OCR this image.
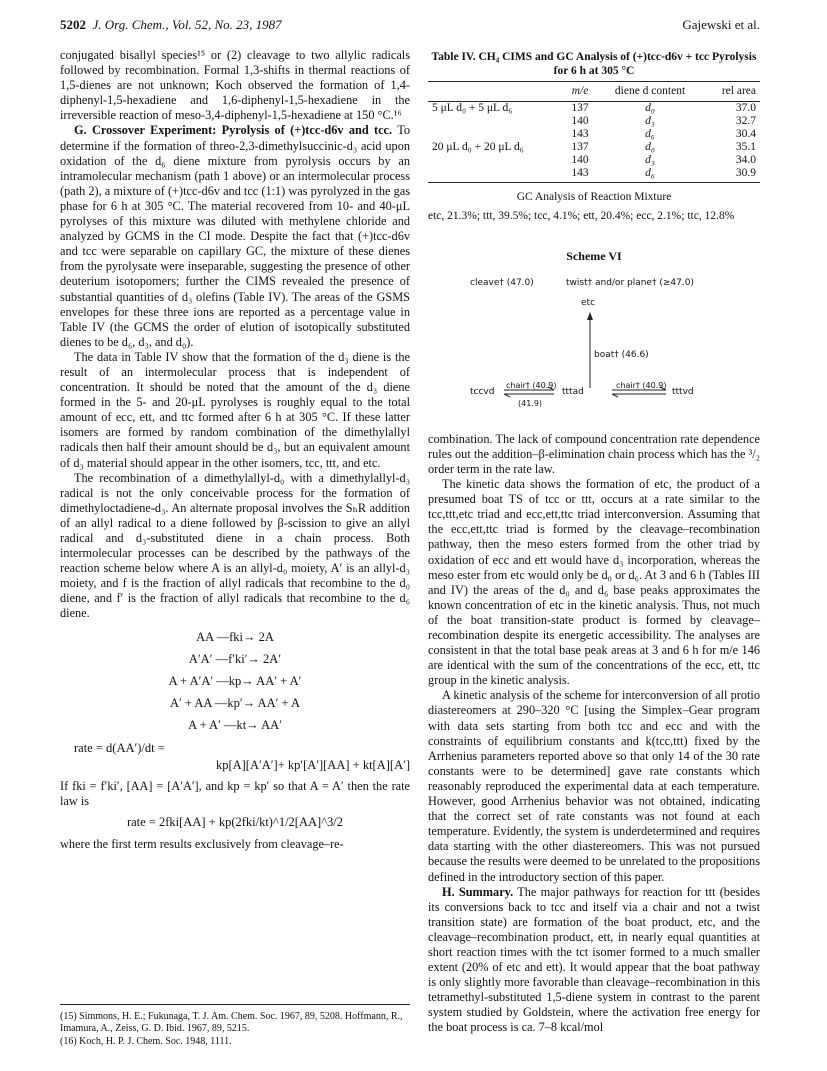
5202 J. Org. Chem., Vol. 52, No. 23, 1987	Gajewski et al.

conjugated bisallyl species¹⁵ or (2) cleavage to two allylic radicals followed by recombination. Formal 1,3-shifts in thermal reactions of 1,5-dienes are not unknown; Koch observed the formation of 1,4-diphenyl-1,5-hexadiene and 1,6-diphenyl-1,5-hexadiene in the irreversible reaction of meso-3,4-diphenyl-1,5-hexadiene at 150 °C.¹⁶

G. Crossover Experiment: Pyrolysis of (+)tcc-d6v and tcc. To determine if the formation of threo-2,3-dimethylsuccinic-d₃ acid upon oxidation of the d₆ diene mixture from pyrolysis occurs by an intramolecular mechanism (path 1 above) or an intermolecular process (path 2), a mixture of (+)tcc-d6v and tcc (1:1) was pyrolyzed in the gas phase for 6 h at 305 °C. The material recovered from 10- and 40-μL pyrolyses of this mixture was diluted with methylene chloride and analyzed by GCMS in the CI mode. Despite the fact that (+)tcc-d6v and tcc were separable on capillary GC, the mixture of these dienes from the pyrolysate were inseparable, suggesting the presence of other deuterium isotopomers; further the CIMS revealed the presence of substantial quantities of d₃ olefins (Table IV). The areas of the GSMS envelopes for these three ions are reported as a percentage value in Table IV (the GCMS the order of elution of isotopically substituted dienes to be d₆, d₃, and d₀).

The data in Table IV show that the formation of the d₃ diene is the result of an intermolecular process that is independent of concentration. It should be noted that the amount of the d₃ diene formed in the 5- and 20-μL pyrolyses is roughly equal to the total amount of ecc, ett, and ttc formed after 6 h at 305 °C. If these latter isomers are formed by random combination of the dimethylallyl radicals then half their amount should be d₃, but an equivalent amount of d₃ material should appear in the other isomers, tcc, ttt, and etc.

The recombination of a dimethylallyl-d₀ with a dimethylallyl-d₃ radical is not the only conceivable process for the formation of dimethyloctadiene-d₃. An alternate proposal involves the SₕR addition of an allyl radical to a diene followed by β-scission to give an allyl radical and d₃-substituted diene in a chain process. Both intermolecular processes can be described by the pathways of the reaction scheme below where A is an allyl-d₀ moiety, A′ is an allyl-d₃ moiety, and f is the fraction of allyl radicals that recombine to the d₀ diene, and f′ is the fraction of allyl radicals that recombine to the d₆ diene.

AA —fki→ 2A
A′A′ —f′ki′→ 2A′
A + A′A′ —kp→ AA′ + A′
A′ + AA —kp′→ AA′ + A
A + A′ —kt→ AA′
rate = d(AA′)/dt =
kp[A][A′A′]+ kp′[A′][AA] + kt[A][A′]

If fki = f′ki′, [AA] = [A′A′], and kp = kp′ so that A = A′ then the rate law is

rate = 2fki[AA] + kp(2fki/kt)^1/2[AA]^3/2

where the first term results exclusively from cleavage–re-

(15) Simmons, H. E.; Fukunaga, T. J. Am. Chem. Soc. 1967, 89, 5208. Hoffmann, R., Imamura, A., Zeiss, G. D. Ibid. 1967, 89, 5215.
(16) Koch, H. P. J. Chem. Soc. 1948, 1111.
Table IV. CH₄ CIMS and GC Analysis of (+)tcc-d6v + tcc Pyrolysis for 6 h at 305 °C
	m/e	diene d content	rel area
5 μL d₀ + 5 μL d₆	137	d₀	37.0
	140	d₃	32.7
	143	d₆	30.4
20 μL d₀ + 20 μL d₆	137	d₀	35.1
	140	d₃	34.0
	143	d₆	30.9
GC Analysis of Reaction Mixture
etc, 21.3%; ttt, 39.5%; tcc, 4.1%; ett, 20.4%; ecc, 2.1%; ttc, 12.8%
Scheme VI
cleave† (47.0)	twist† and/or plane† (≥47.0)
etc
boat† (46.6)
chair† (40.9)
(41.9)
chair† (40.9)
tccvd	tttad	tttvd

combination. The lack of compound concentration rate dependence rules out the addition–β-elimination chain process which has the ³/₂ order term in the rate law.

The kinetic data shows the formation of etc, the product of a presumed boat TS of tcc or ttt, occurs at a rate similar to the tcc,ttt,etc triad and ecc,ett,ttc triad interconversion. Assuming that the ecc,ett,ttc triad is formed by the cleavage–recombination pathway, then the meso esters formed from the other triad by oxidation of ecc and ett would have d₃ incorporation, whereas the meso ester from etc would only be d₀ or d₆. At 3 and 6 h (Tables III and IV) the areas of the d₀ and d₆ base peaks approximates the known concentration of etc in the kinetic analysis. Thus, not much of the boat transition-state product is formed by cleavage–recombination despite its energetic accessibility. The analyses are consistent in that the total base peak areas at 3 and 6 h for m/e 146 are identical with the sum of the concentrations of the ecc, ett, ttc group in the kinetic analysis.

A kinetic analysis of the scheme for interconversion of all protio diastereomers at 290–320 °C [using the Simplex–Gear program with data sets starting from both tcc and ecc and with the constraints of equilibrium constants and k(tcc,ttt) fixed by the Arrhenius parameters reported above so that only 14 of the 30 rate constants were to be determined] gave rate constants which reasonably reproduced the experimental data at each temperature. However, good Arrhenius behavior was not obtained, indicating that the correct set of rate constants was not found at each temperature. Evidently, the system is underdetermined and requires data starting with the other diastereomers. This was not pursued because the results were deemed to be unrelated to the propositions defined in the introductory section of this paper.

H. Summary. The major pathways for reaction for ttt (besides its conversions back to tcc and itself via a chair and not a twist transition state) are formation of the boat product, etc, and the cleavage–recombination product, ett, in nearly equal quantities at short reaction times with the tct isomer formed to a much smaller extent (20% of etc and ett). It would appear that the boat pathway is only slightly more favorable than cleavage–recombination in this tetramethyl-substituted 1,5-diene system in contrast to the parent system studied by Goldstein, where the activation free energy for the boat process is ca. 7–8 kcal/mol
